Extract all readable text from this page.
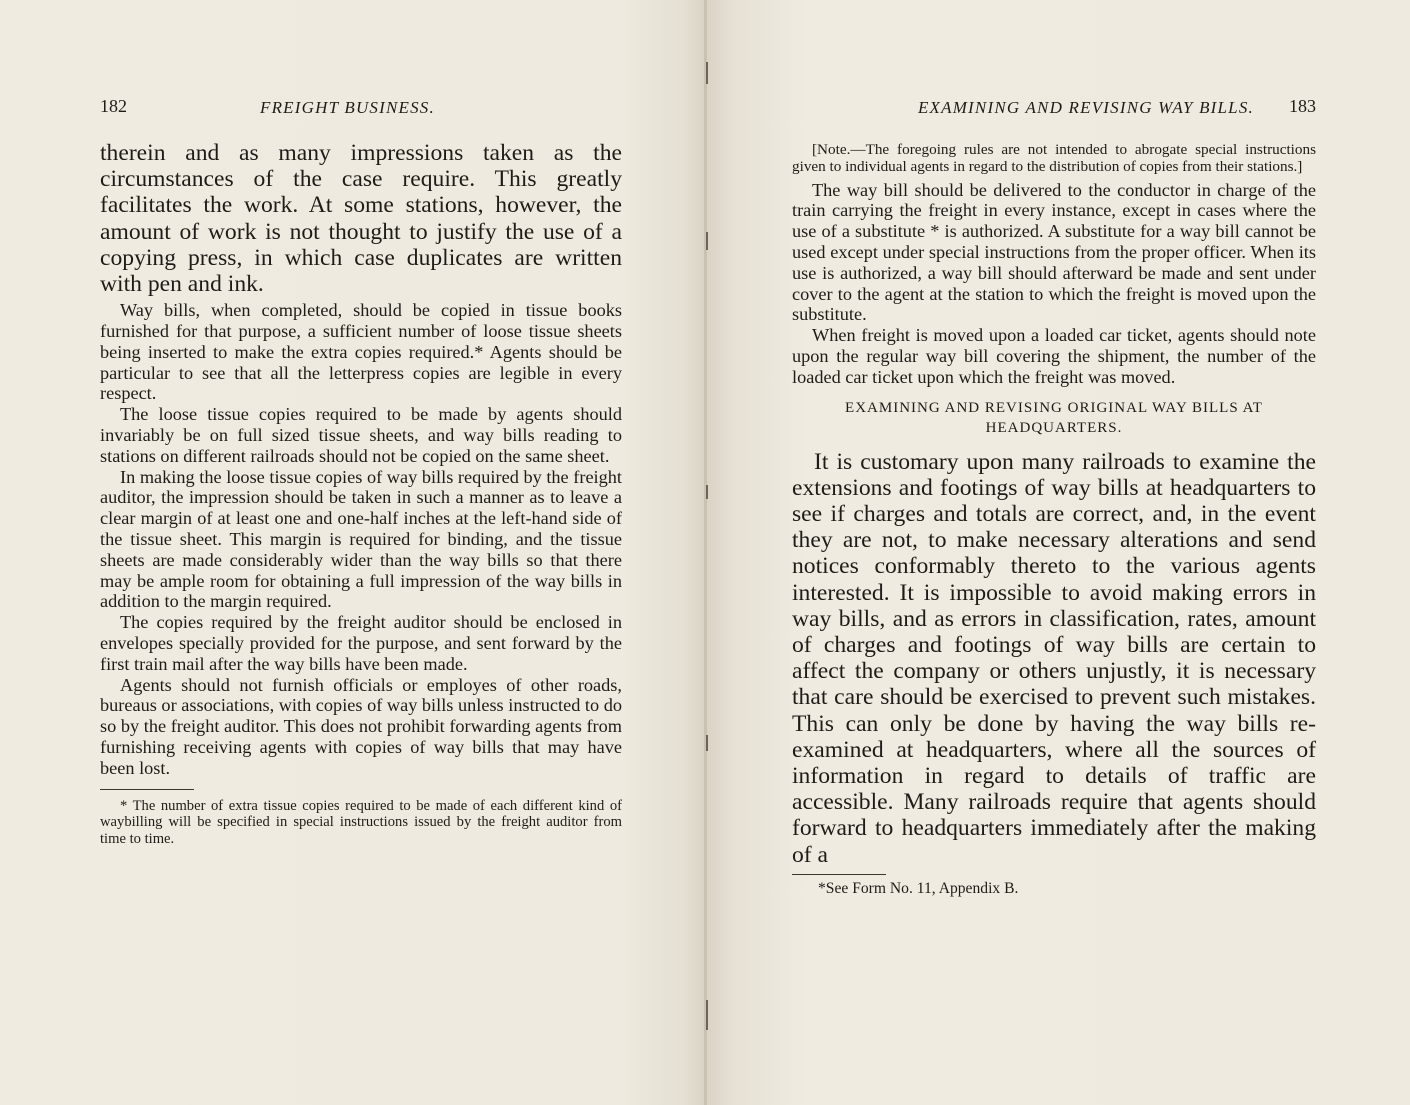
182	FREIGHT BUSINESS.

therein and as many impressions taken as the circumstances of the case require. This greatly facilitates the work. At some stations, however, the amount of work is not thought to justify the use of a copying press, in which case duplicates are written with pen and ink.

Way bills, when completed, should be copied in tissue books furnished for that purpose, a sufficient number of loose tissue sheets being inserted to make the extra copies required.* Agents should be particular to see that all the letterpress copies are legible in every respect.

The loose tissue copies required to be made by agents should invariably be on full sized tissue sheets, and way bills reading to stations on different railroads should not be copied on the same sheet.

In making the loose tissue copies of way bills required by the freight auditor, the impression should be taken in such a manner as to leave a clear margin of at least one and one-half inches at the left-hand side of the tissue sheet. This margin is required for binding, and the tissue sheets are made considerably wider than the way bills so that there may be ample room for obtaining a full impression of the way bills in addition to the margin required.

The copies required by the freight auditor should be enclosed in envelopes specially provided for the purpose, and sent forward by the first train mail after the way bills have been made.

Agents should not furnish officials or employes of other roads, bureaus or associations, with copies of way bills unless instructed to do so by the freight auditor. This does not prohibit forwarding agents from furnishing receiving agents with copies of way bills that may have been lost.

* The number of extra tissue copies required to be made of each different kind of waybilling will be specified in special instructions issued by the freight auditor from time to time.

EXAMINING AND REVISING WAY BILLS. 183

[Note.—The foregoing rules are not intended to abrogate special instructions given to individual agents in regard to the distribution of copies from their stations.]

The way bill should be delivered to the conductor in charge of the train carrying the freight in every instance, except in cases where the use of a substitute * is authorized. A substitute for a way bill cannot be used except under special instructions from the proper officer. When its use is authorized, a way bill should afterward be made and sent under cover to the agent at the station to which the freight is moved upon the substitute.

When freight is moved upon a loaded car ticket, agents should note upon the regular way bill covering the shipment, the number of the loaded car ticket upon which the freight was moved.

EXAMINING AND REVISING ORIGINAL WAY BILLS AT
HEADQUARTERS.

It is customary upon many railroads to examine the extensions and footings of way bills at headquarters to see if charges and totals are correct, and, in the event they are not, to make necessary alterations and send notices conformably thereto to the various agents interested. It is impossible to avoid making errors in way bills, and as errors in classification, rates, amount of charges and footings of way bills are certain to affect the company or others unjustly, it is necessary that care should be exercised to prevent such mistakes. This can only be done by having the way bills re-examined at headquarters, where all the sources of information in regard to details of traffic are accessible. Many railroads require that agents should forward to headquarters immediately after the making of a

*See Form No. 11, Appendix B.
